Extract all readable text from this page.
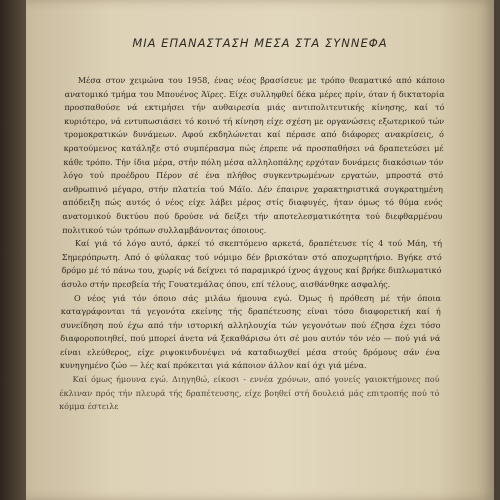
ΜΙΑ ΕΠΑΝΑΣΤΑΣΗ ΜΕΣΑ ΣΤΑ ΣΥΝΝΕΦΑ

Μέσα στον χειμώνα του 1958, ένας νέος βρασίσευε με τρόπο θεαματικό από κάποιο ανατομικό τμήμα του Μπουένος Άϊρες. Είχε συλληφθεί δέκα μέρες πρίν, όταν ή δικτατορία προσπαθούσε νά εκτιμήσει τήν αυθαιρεσία μιάς αντιπολιτευτικής κίνησης, καί τό κυριότερο, νά εντυπωσιάσει τό κοινό τή κίνηση είχε σχέση με οργανώσεις εξωτερικού τών τρομοκρατικών δυνάμεων. Αφού εκδηλώνεται καί πέρασε από διάφορες ανακρίσεις, ό κρατούμενος κατάληξε στό συμπέρασμα πώς έπρεπε νά προσπαθήσει νά δραπετεύσει μέ κάθε τρόπο. Τήν ίδια μέρα, στήν πόλη μέσα αλληλοπάλης ερχόταν δυνάμεις διακόσιων τόν λόγο τού προέδρου Πέρον σέ ένα πλήθος συγκεντρωμένων εργατών, μπροστά στό ανθρωπινό μέγαρο, στήν πλατεία τού Μάϊο. Δέν έπαιρνε χαρακτηριστικά συγκρατημένη απόδειξη πώς αυτός ό νέος είχε λάβει μέρος στίς διαφυγές, ήταν όμως τό θύμα ενός ανατομικού δικτύου πού δρούσε νά δείξει τήν αποτελεσματικότητα τού διεφθαρμένου πολιτικού τών τρόπων συλλαμβάνοντας όποιους.

Καί γιά τό λόγο αυτό, άρκεί τό σκεπτόμενο αρκετά, δραπέτευσε τίς 4 τού Μάη, τή Σημερόπρωτη. Από ό φύλακας τού νόμιμο δέν βρισκόταν στό αποχωρητήριο. Βγήκε στό δρόμο μέ τό πάνω του, χωρίς νά δείχνει τό παραμικρό ίχνος άγχους καί βρήκε διπλωματικό άσυλο στήν πρεσβεία τής Γουατεμάλας όπου, επί τέλους, αισθάνθηκε ασφαλής.

Ο νέος γιά τόν όποιο σάς μιλάω ήμουνα εγώ. Όμως ή πρόθεση μέ τήν όποια καταγράφονται τά γεγονότα εκείνης τής δραπέτευσης είναι τόσο διαφορετική καί ή συνείδηση πού έχω από τήν ιστορική αλληλουχία τών γεγονότων πού έζησα έχει τόσο διαφοροποιηθεί, πού μπορεί άνετα νά ξεκαθάρισω ότι σέ μου αυτόν τόν νέο — πού γιά νά είναι ελεύθερος, είχε ριψοκινδυνέψει νά καταδιωχθεί μέσα στούς δρόμους σάν ένα κυνηγημένο ζώο — λές καί πρόκειται γιά κάποιον άλλον καί όχι γιά μένα.

Καί όμως ήμουνα εγώ. Διηγηθώ, είκοσι - εννέα χρόνων, από γονείς γαιοκτήμονες πού έκλιναν πρός τήν πλευρά τής δραπέτευσης, είχε βοηθεί στή δουλειά μάς επιτροπής πού τό κόμμα έστειλε
